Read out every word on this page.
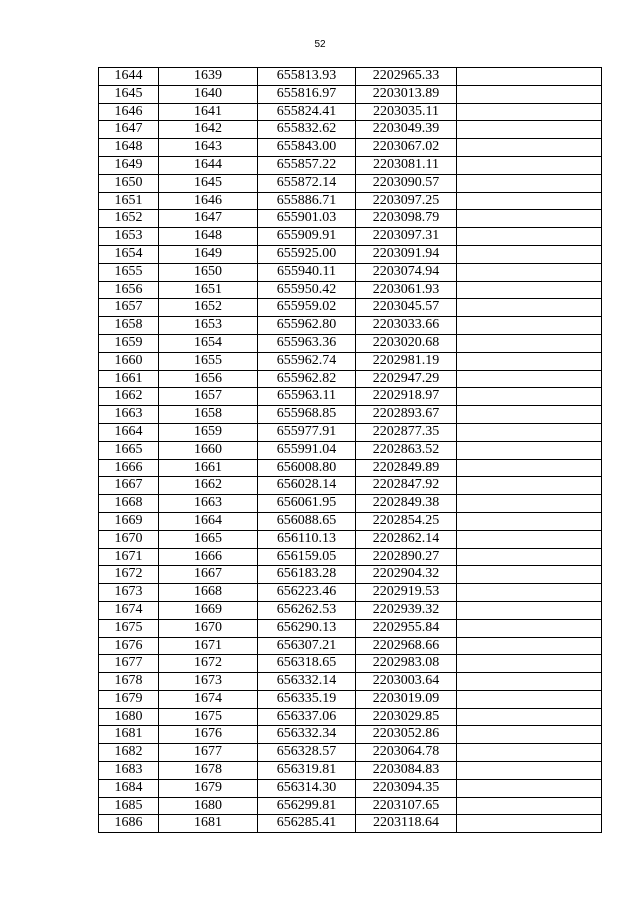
52
1644	1639	655813.93	2202965.33	
1645	1640	655816.97	2203013.89	
1646	1641	655824.41	2203035.11	
1647	1642	655832.62	2203049.39	
1648	1643	655843.00	2203067.02	
1649	1644	655857.22	2203081.11	
1650	1645	655872.14	2203090.57	
1651	1646	655886.71	2203097.25	
1652	1647	655901.03	2203098.79	
1653	1648	655909.91	2203097.31	
1654	1649	655925.00	2203091.94	
1655	1650	655940.11	2203074.94	
1656	1651	655950.42	2203061.93	
1657	1652	655959.02	2203045.57	
1658	1653	655962.80	2203033.66	
1659	1654	655963.36	2203020.68	
1660	1655	655962.74	2202981.19	
1661	1656	655962.82	2202947.29	
1662	1657	655963.11	2202918.97	
1663	1658	655968.85	2202893.67	
1664	1659	655977.91	2202877.35	
1665	1660	655991.04	2202863.52	
1666	1661	656008.80	2202849.89	
1667	1662	656028.14	2202847.92	
1668	1663	656061.95	2202849.38	
1669	1664	656088.65	2202854.25	
1670	1665	656110.13	2202862.14	
1671	1666	656159.05	2202890.27	
1672	1667	656183.28	2202904.32	
1673	1668	656223.46	2202919.53	
1674	1669	656262.53	2202939.32	
1675	1670	656290.13	2202955.84	
1676	1671	656307.21	2202968.66	
1677	1672	656318.65	2202983.08	
1678	1673	656332.14	2203003.64	
1679	1674	656335.19	2203019.09	
1680	1675	656337.06	2203029.85	
1681	1676	656332.34	2203052.86	
1682	1677	656328.57	2203064.78	
1683	1678	656319.81	2203084.83	
1684	1679	656314.30	2203094.35	
1685	1680	656299.81	2203107.65	
1686	1681	656285.41	2203118.64	
